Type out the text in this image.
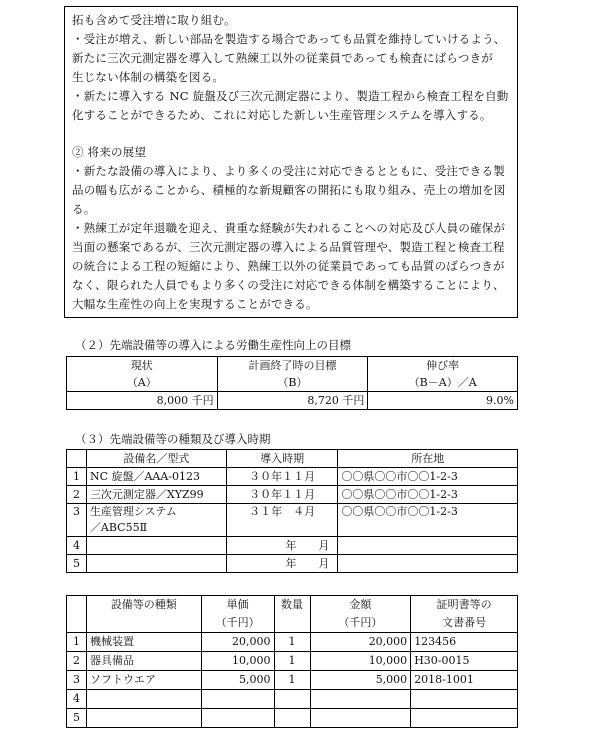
拓も含めて受注増に取り組む。

・受注が増え、新しい部品を製造する場合であっても品質を維持していけるよう、

新たに三次元測定器を導入して熟練工以外の従業員であっても検査にばらつきが

生じない体制の構築を図る。

・新たに導入する NC 旋盤及び三次元測定器により、製造工程から検査工程を自動

化することができるため、これに対応した新しい生産管理システムを導入する。

② 将来の展望

・新たな設備の導入により、より多くの受注に対応できるとともに、受注できる製

品の幅も広がることから、積極的な新規顧客の開拓にも取り組み、売上の増加を図

る。

・熟練工が定年退職を迎え、貴重な経験が失われることへの対応及び人員の確保が

当面の懸案であるが、三次元測定器の導入による品質管理や、製造工程と検査工程

の統合による工程の短縮により、熟練工以外の従業員であっても品質のばらつきが

なく、限られた人員でもより多くの受注に対応できる体制を構築することにより、

大幅な生産性の向上を実現することができる。

（２）先端設備等の導入による労働生産性向上の目標
現状	計画終了時の目標	伸び率
（A）	（B）	（B－A）／A
8,000 千円	8,720 千円	9.0%
（３）先端設備等の種類及び導入時期
	設備名／型式	導入時期	所在地
1	NC 旋盤／AAA-0123	３０年１１月	〇〇県〇〇市〇〇1-2-3
2	三次元測定器／XYZ99	３０年１１月	〇〇県〇〇市〇〇1-2-3
3	生産管理システム
／ABC55Ⅱ	３１年　４月	〇〇県〇〇市〇〇1-2-3
4		年　　月	
5		年　　月	
	設備等の種類	単価	数量	金額	証明書等の
		（千円）		（千円）	文書番号
1	機械装置	20,000	1	20,000	123456
2	器具備品	10,000	1	10,000	H30-0015
3	ソフトウエア	5,000	1	5,000	2018-1001
4					
5					
